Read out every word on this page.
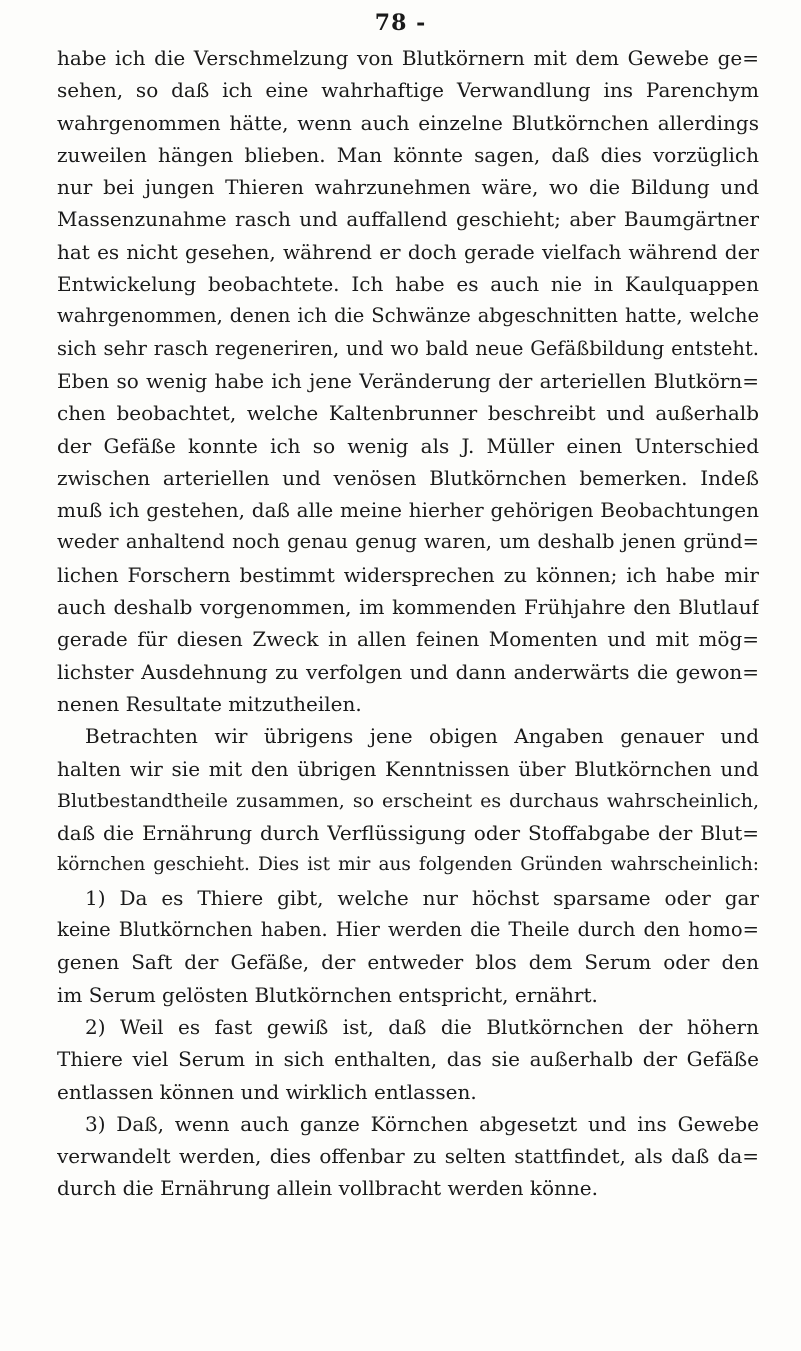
78 -
habe ich die Verschmelzung von Blutkörnern mit dem Gewebe ge=
sehen, so daß ich eine wahrhaftige Verwandlung ins Parenchym
wahrgenommen hätte, wenn auch einzelne Blutkörnchen allerdings
zuweilen hängen blieben. Man könnte sagen, daß dies vorzüglich
nur bei jungen Thieren wahrzunehmen wäre, wo die Bildung und
Massenzunahme rasch und auffallend geschieht; aber Baumgärtner
hat es nicht gesehen, während er doch gerade vielfach während der
Entwickelung beobachtete. Ich habe es auch nie in Kaulquappen
wahrgenommen, denen ich die Schwänze abgeschnitten hatte, welche
sich sehr rasch regeneriren, und wo bald neue Gefäßbildung entsteht.
Eben so wenig habe ich jene Veränderung der arteriellen Blutkörn=
chen beobachtet, welche Kaltenbrunner beschreibt und außerhalb
der Gefäße konnte ich so wenig als J. Müller einen Unterschied
zwischen arteriellen und venösen Blutkörnchen bemerken. Indeß
muß ich gestehen, daß alle meine hierher gehörigen Beobachtungen
weder anhaltend noch genau genug waren, um deshalb jenen gründ=
lichen Forschern bestimmt widersprechen zu können; ich habe mir
auch deshalb vorgenommen, im kommenden Frühjahre den Blutlauf
gerade für diesen Zweck in allen feinen Momenten und mit mög=
lichster Ausdehnung zu verfolgen und dann anderwärts die gewon=
nenen Resultate mitzutheilen.
Betrachten wir übrigens jene obigen Angaben genauer und
halten wir sie mit den übrigen Kenntnissen über Blutkörnchen und
Blutbestandtheile zusammen, so erscheint es durchaus wahrscheinlich,
daß die Ernährung durch Verflüssigung oder Stoffabgabe der Blut=
körnchen geschieht. Dies ist mir aus folgenden Gründen wahrscheinlich:
1) Da es Thiere gibt, welche nur höchst sparsame oder gar
keine Blutkörnchen haben. Hier werden die Theile durch den homo=
genen Saft der Gefäße, der entweder blos dem Serum oder den
im Serum gelösten Blutkörnchen entspricht, ernährt.
2) Weil es fast gewiß ist, daß die Blutkörnchen der höhern
Thiere viel Serum in sich enthalten, das sie außerhalb der Gefäße
entlassen können und wirklich entlassen.
3) Daß, wenn auch ganze Körnchen abgesetzt und ins Gewebe
verwandelt werden, dies offenbar zu selten stattfindet, als daß da=
durch die Ernährung allein vollbracht werden könne.
